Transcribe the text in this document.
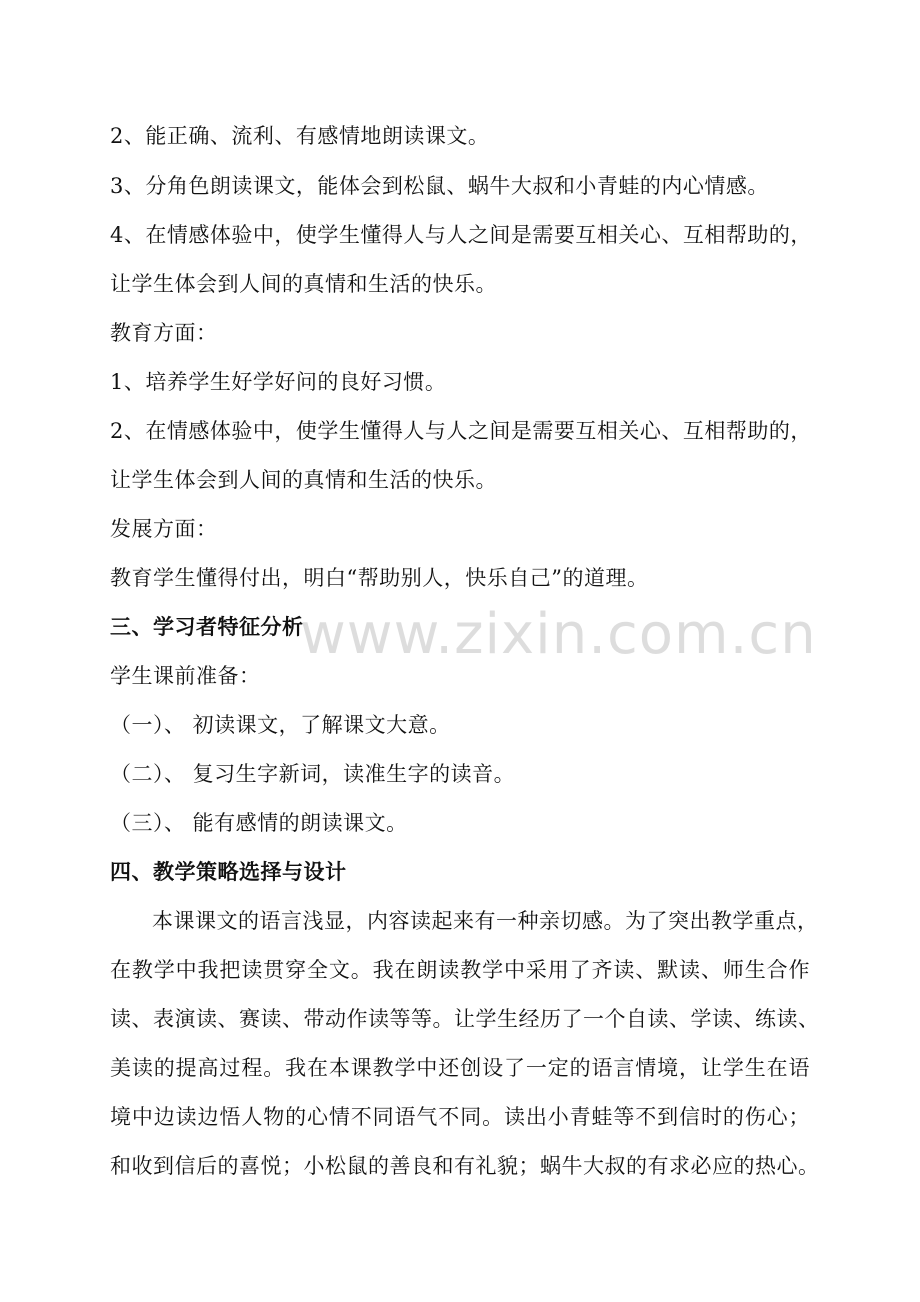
2、能正确、流利、有感情地朗读课文。
3、分角色朗读课文，能体会到松鼠、蜗牛大叔和小青蛙的内心情感。
4、在情感体验中，使学生懂得人与人之间是需要互相关心、互相帮助的，
让学生体会到人间的真情和生活的快乐。
教育方面：
1、培养学生好学好问的良好习惯。
2、在情感体验中，使学生懂得人与人之间是需要互相关心、互相帮助的，
让学生体会到人间的真情和生活的快乐。
发展方面：
教育学生懂得付出，明白“帮助别人，快乐自己”的道理。
三、学习者特征分析
学生课前准备：
（一）、 初读课文，了解课文大意。
（二）、 复习生字新词，读准生字的读音。
（三）、 能有感情的朗读课文。
四、教学策略选择与设计
本课课文的语言浅显，内容读起来有一种亲切感。为了突出教学重点，
在教学中我把读贯穿全文。我在朗读教学中采用了齐读、默读、师生合作
读、表演读、赛读、带动作读等等。让学生经历了一个自读、学读、练读、
美读的提高过程。我在本课教学中还创设了一定的语言情境，让学生在语
境中边读边悟人物的心情不同语气不同。读出小青蛙等不到信时的伤心；
和收到信后的喜悦；小松鼠的善良和有礼貌；蜗牛大叔的有求必应的热心。
www.zixin.com.cn
